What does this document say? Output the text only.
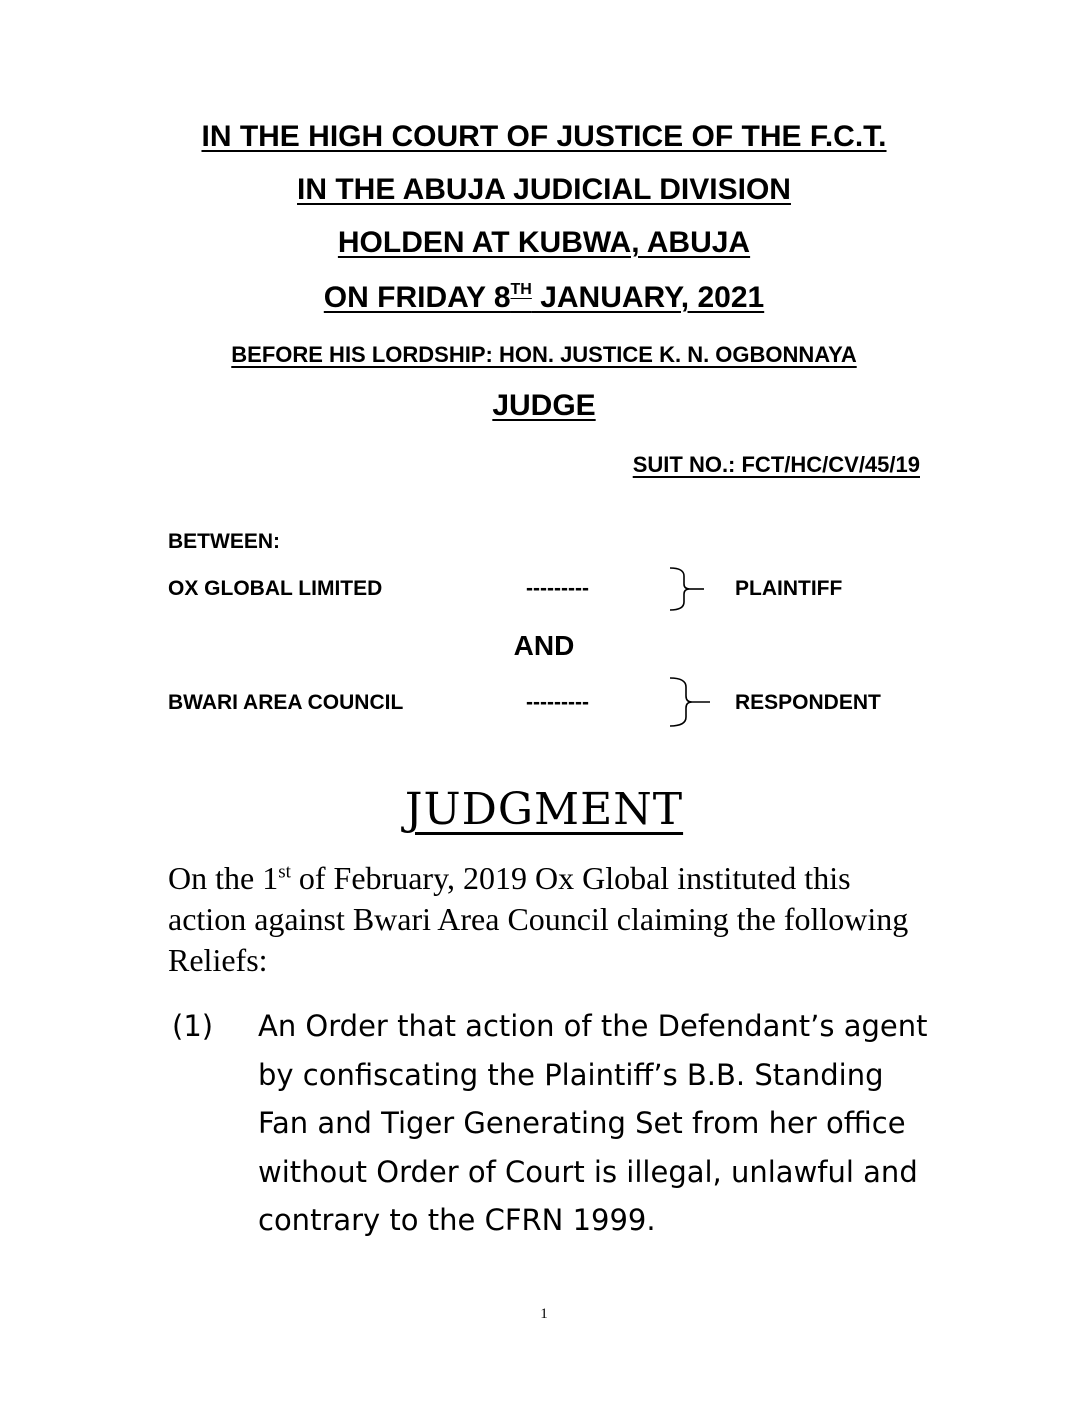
IN THE HIGH COURT OF JUSTICE OF THE F.C.T.
IN THE ABUJA JUDICIAL DIVISION
HOLDEN AT KUBWA, ABUJA
ON FRIDAY 8TH JANUARY, 2021
BEFORE HIS LORDSHIP: HON. JUSTICE K. N. OGBONNAYA
JUDGE
SUIT NO.: FCT/HC/CV/45/19
BETWEEN:
OX GLOBAL LIMITED	---------	PLAINTIFF
AND
BWARI AREA COUNCIL	---------	RESPONDENT
JUDGMENT
On the 1st of February, 2019 Ox Global instituted this action against Bwari Area Council claiming the following Reliefs:
(1) An Order that action of the Defendant’s agent by confiscating the Plaintiff’s B.B. Standing Fan and Tiger Generating Set from her office without Order of Court is illegal, unlawful and contrary to the CFRN 1999.
1
